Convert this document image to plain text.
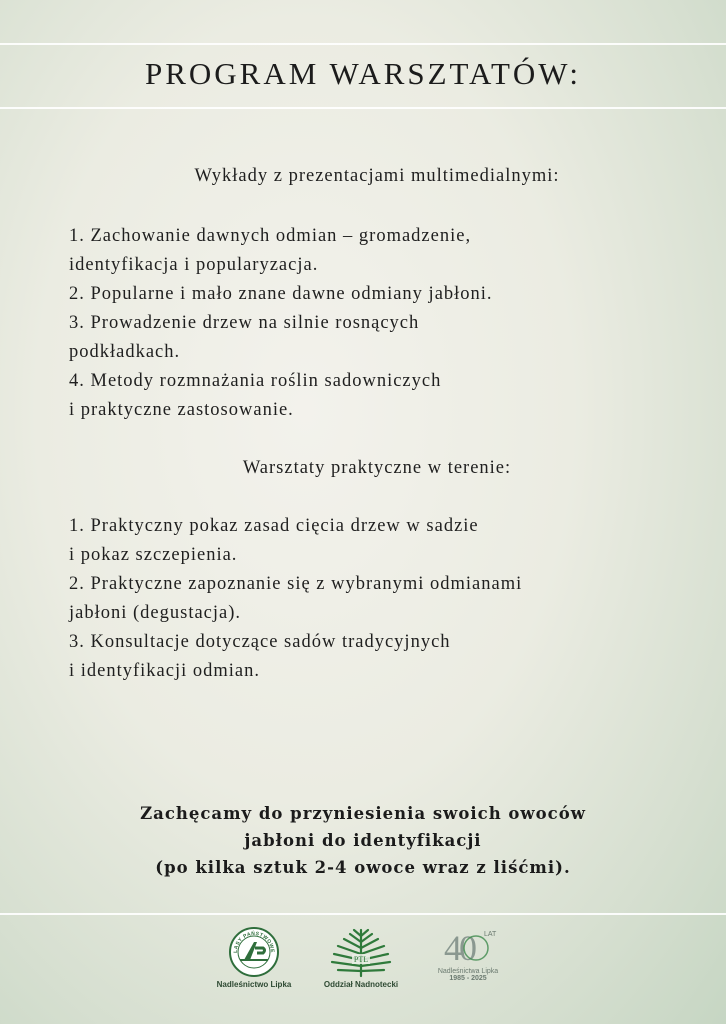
PROGRAM WARSZTATÓW:
Wykłady z prezentacjami multimedialnymi:
1. Zachowanie dawnych odmian – gromadzenie,
identyfikacja i popularyzacja.
2. Popularne i mało znane dawne odmiany jabłoni.
3. Prowadzenie drzew na silnie rosnących
podkładkach.
4. Metody rozmnażania roślin sadowniczych
i praktyczne zastosowanie.
Warsztaty praktyczne w terenie:
1. Praktyczny pokaz zasad cięcia drzew w sadzie
i pokaz szczepienia.
2. Praktyczne zapoznanie się z wybranymi odmianami
jabłoni (degustacja).
3. Konsultacje dotyczące sadów tradycyjnych
i identyfikacji odmian.
Zachęcamy do przyniesienia swoich owoców
jabłoni do identyfikacji
(po kilka sztuk 2-4 owoce wraz z liśćmi).
LASY PAŃSTWOWE
Nadleśnictwo Lipka
PTL
Oddział Nadnotecki
40 LAT
Nadleśnictwa Lipka
1985 - 2025
